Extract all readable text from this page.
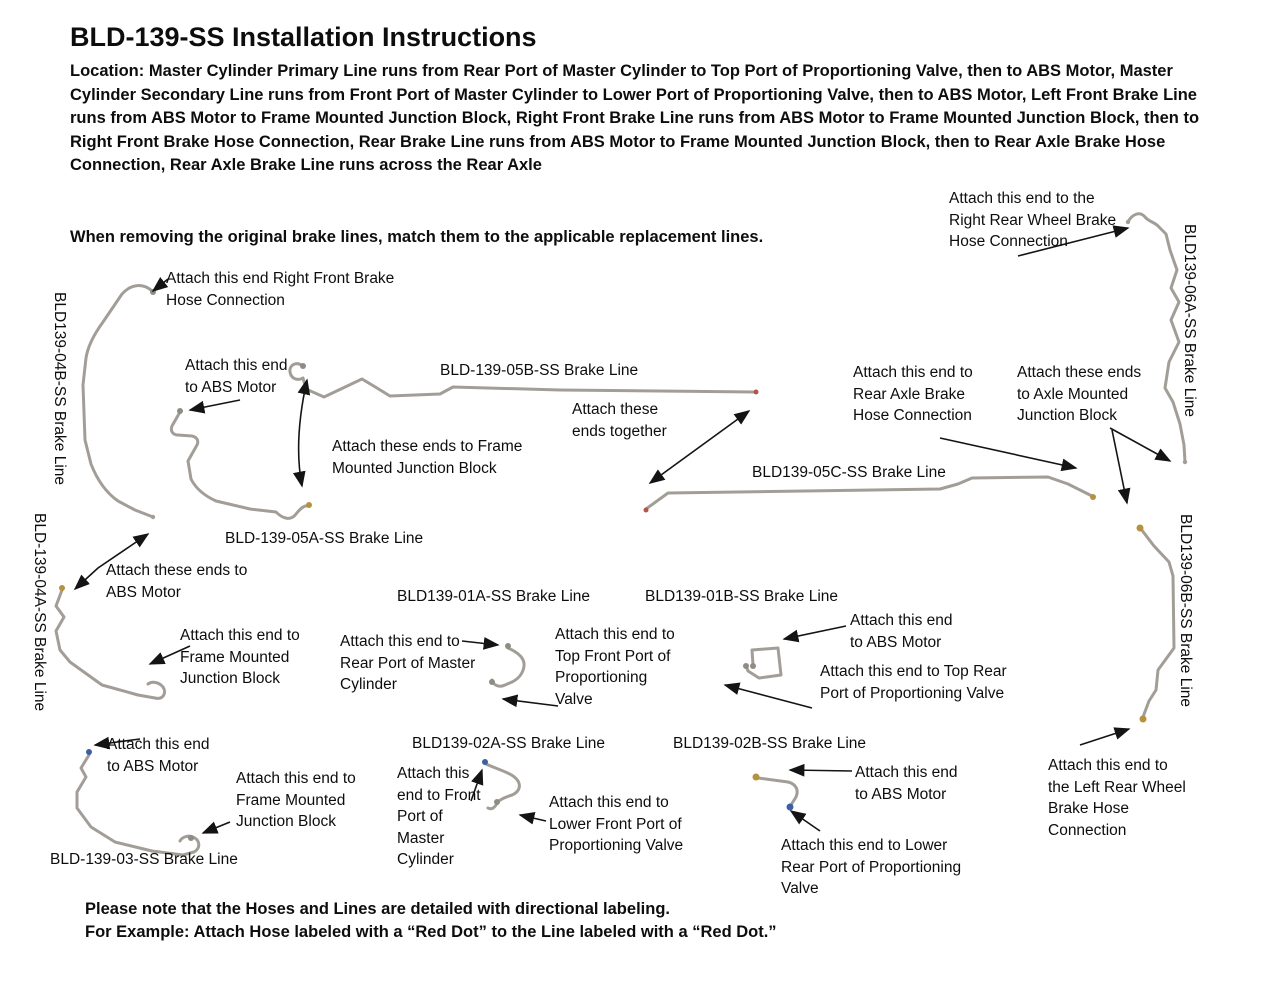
BLD-139-SS Installation Instructions
Location: Master Cylinder Primary Line runs from Rear Port of Master Cylinder to Top Port of Proportioning Valve, then to ABS Motor, Master Cylinder Secondary Line runs from Front Port of Master Cylinder to Lower Port of Proportioning Valve, then to ABS Motor, Left Front Brake Line runs from ABS Motor to Frame Mounted Junction Block, Right Front Brake Line runs from ABS Motor to Frame Mounted Junction Block, then to Right Front Brake Hose Connection, Rear Brake Line runs from ABS Motor to Frame Mounted Junction Block, then to Rear Axle Brake Hose Connection, Rear Axle Brake Line runs across the Rear Axle
When removing the original brake lines, match them to the applicable replacement lines.
BLD139-04B-SS Brake Line
BLD-139-04A-SS Brake Line
BLD139-06A-SS Brake Line
BLD139-06B-SS Brake Line
BLD-139-05B-SS Brake Line
BLD139-05C-SS Brake Line
BLD-139-05A-SS Brake Line
BLD139-01A-SS Brake Line	BLD139-01B-SS Brake Line
BLD139-02A-SS Brake Line	BLD139-02B-SS Brake Line
BLD-139-03-SS Brake Line
Attach this end Right Front Brake Hose Connection
Attach this end to ABS Motor
Attach these ends to Frame Mounted Junction Block
Attach these ends together
Attach this end to Rear Axle Brake Hose Connection
Attach these ends to Axle Mounted Junction Block
Attach this end to the Right Rear Wheel Brake Hose Connection
Attach these ends to ABS Motor
Attach this end to Frame Mounted Junction Block
Attach this end to Rear Port of Master Cylinder
Attach this end to Top Front Port of Proportioning Valve
Attach this end to ABS Motor
Attach this end to Top Rear Port of Proportioning Valve
Attach this end to ABS Motor
Attach this end to Frame Mounted Junction Block
Attach this end to Front Port of Master Cylinder
Attach this end to Lower Front Port of Proportioning Valve
Attach this end to ABS Motor
Attach this end to Lower Rear Port of Proportioning Valve
Attach this end to the Left Rear Wheel Brake Hose Connection
Please note that the Hoses and Lines are detailed with directional labeling.
For Example: Attach Hose labeled with a “Red Dot” to the Line labeled with a “Red Dot.”
